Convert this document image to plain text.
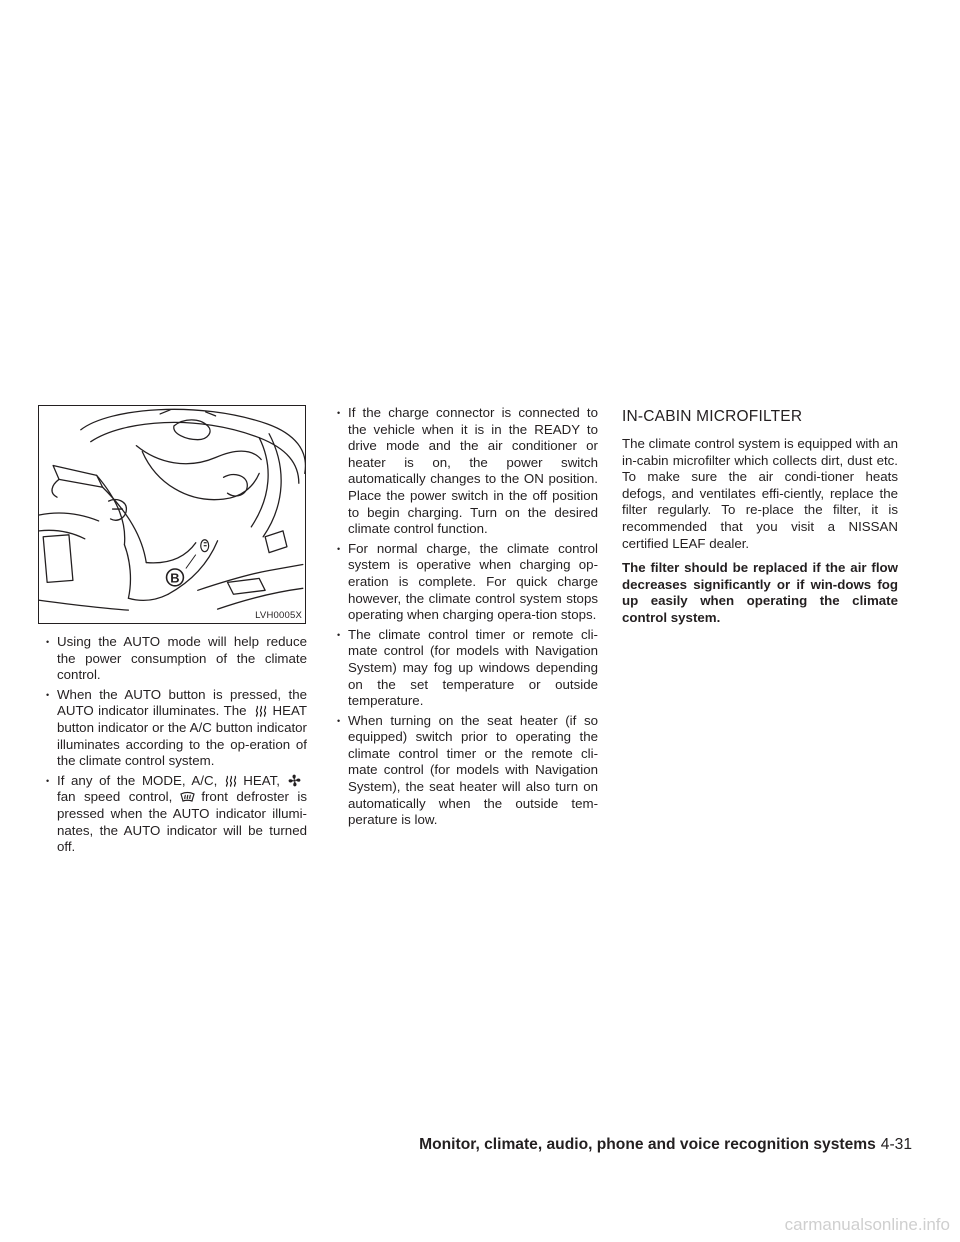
B
LVH0005X
• Using the AUTO mode will help reduce the power consumption of the climate control.
• When the AUTO button is pressed, the AUTO indicator illuminates. The HEAT button indicator or the A/C button indicator illuminates according to the op-eration of the climate control system.
• If any of the MODE, A/C, HEAT,
fan speed control, front defroster is pressed when the AUTO indicator illumi-nates, the AUTO indicator will be turned off.
• If the charge connector is connected to the vehicle when it is in the READY to drive mode and the air conditioner or heater is on, the power switch automatically changes to the ON position. Place the power switch in the off position to begin charging. Turn on the desired climate control function.
• For normal charge, the climate control system is operative when charging op-eration is complete. For quick charge however, the climate control system stops operating when charging opera-tion stops.
• The climate control timer or remote cli-mate control (for models with Navigation System) may fog up windows depending on the set temperature or outside temperature.
• When turning on the seat heater (if so equipped) switch prior to operating the climate control timer or the remote cli-mate control (for models with Navigation System), the seat heater will also turn on automatically when the outside tem-perature is low.
IN-CABIN MICROFILTER

The climate control system is equipped with an in-cabin microfilter which collects dirt, dust etc. To make sure the air condi-tioner heats defogs, and ventilates effi-ciently, replace the filter regularly. To re-place the filter, it is recommended that you visit a NISSAN certified LEAF dealer.

The filter should be replaced if the air flow decreases significantly or if win-dows fog up easily when operating the climate control system.

Monitor, climate, audio, phone and voice recognition systems 4-31
carmanualsonline.info
